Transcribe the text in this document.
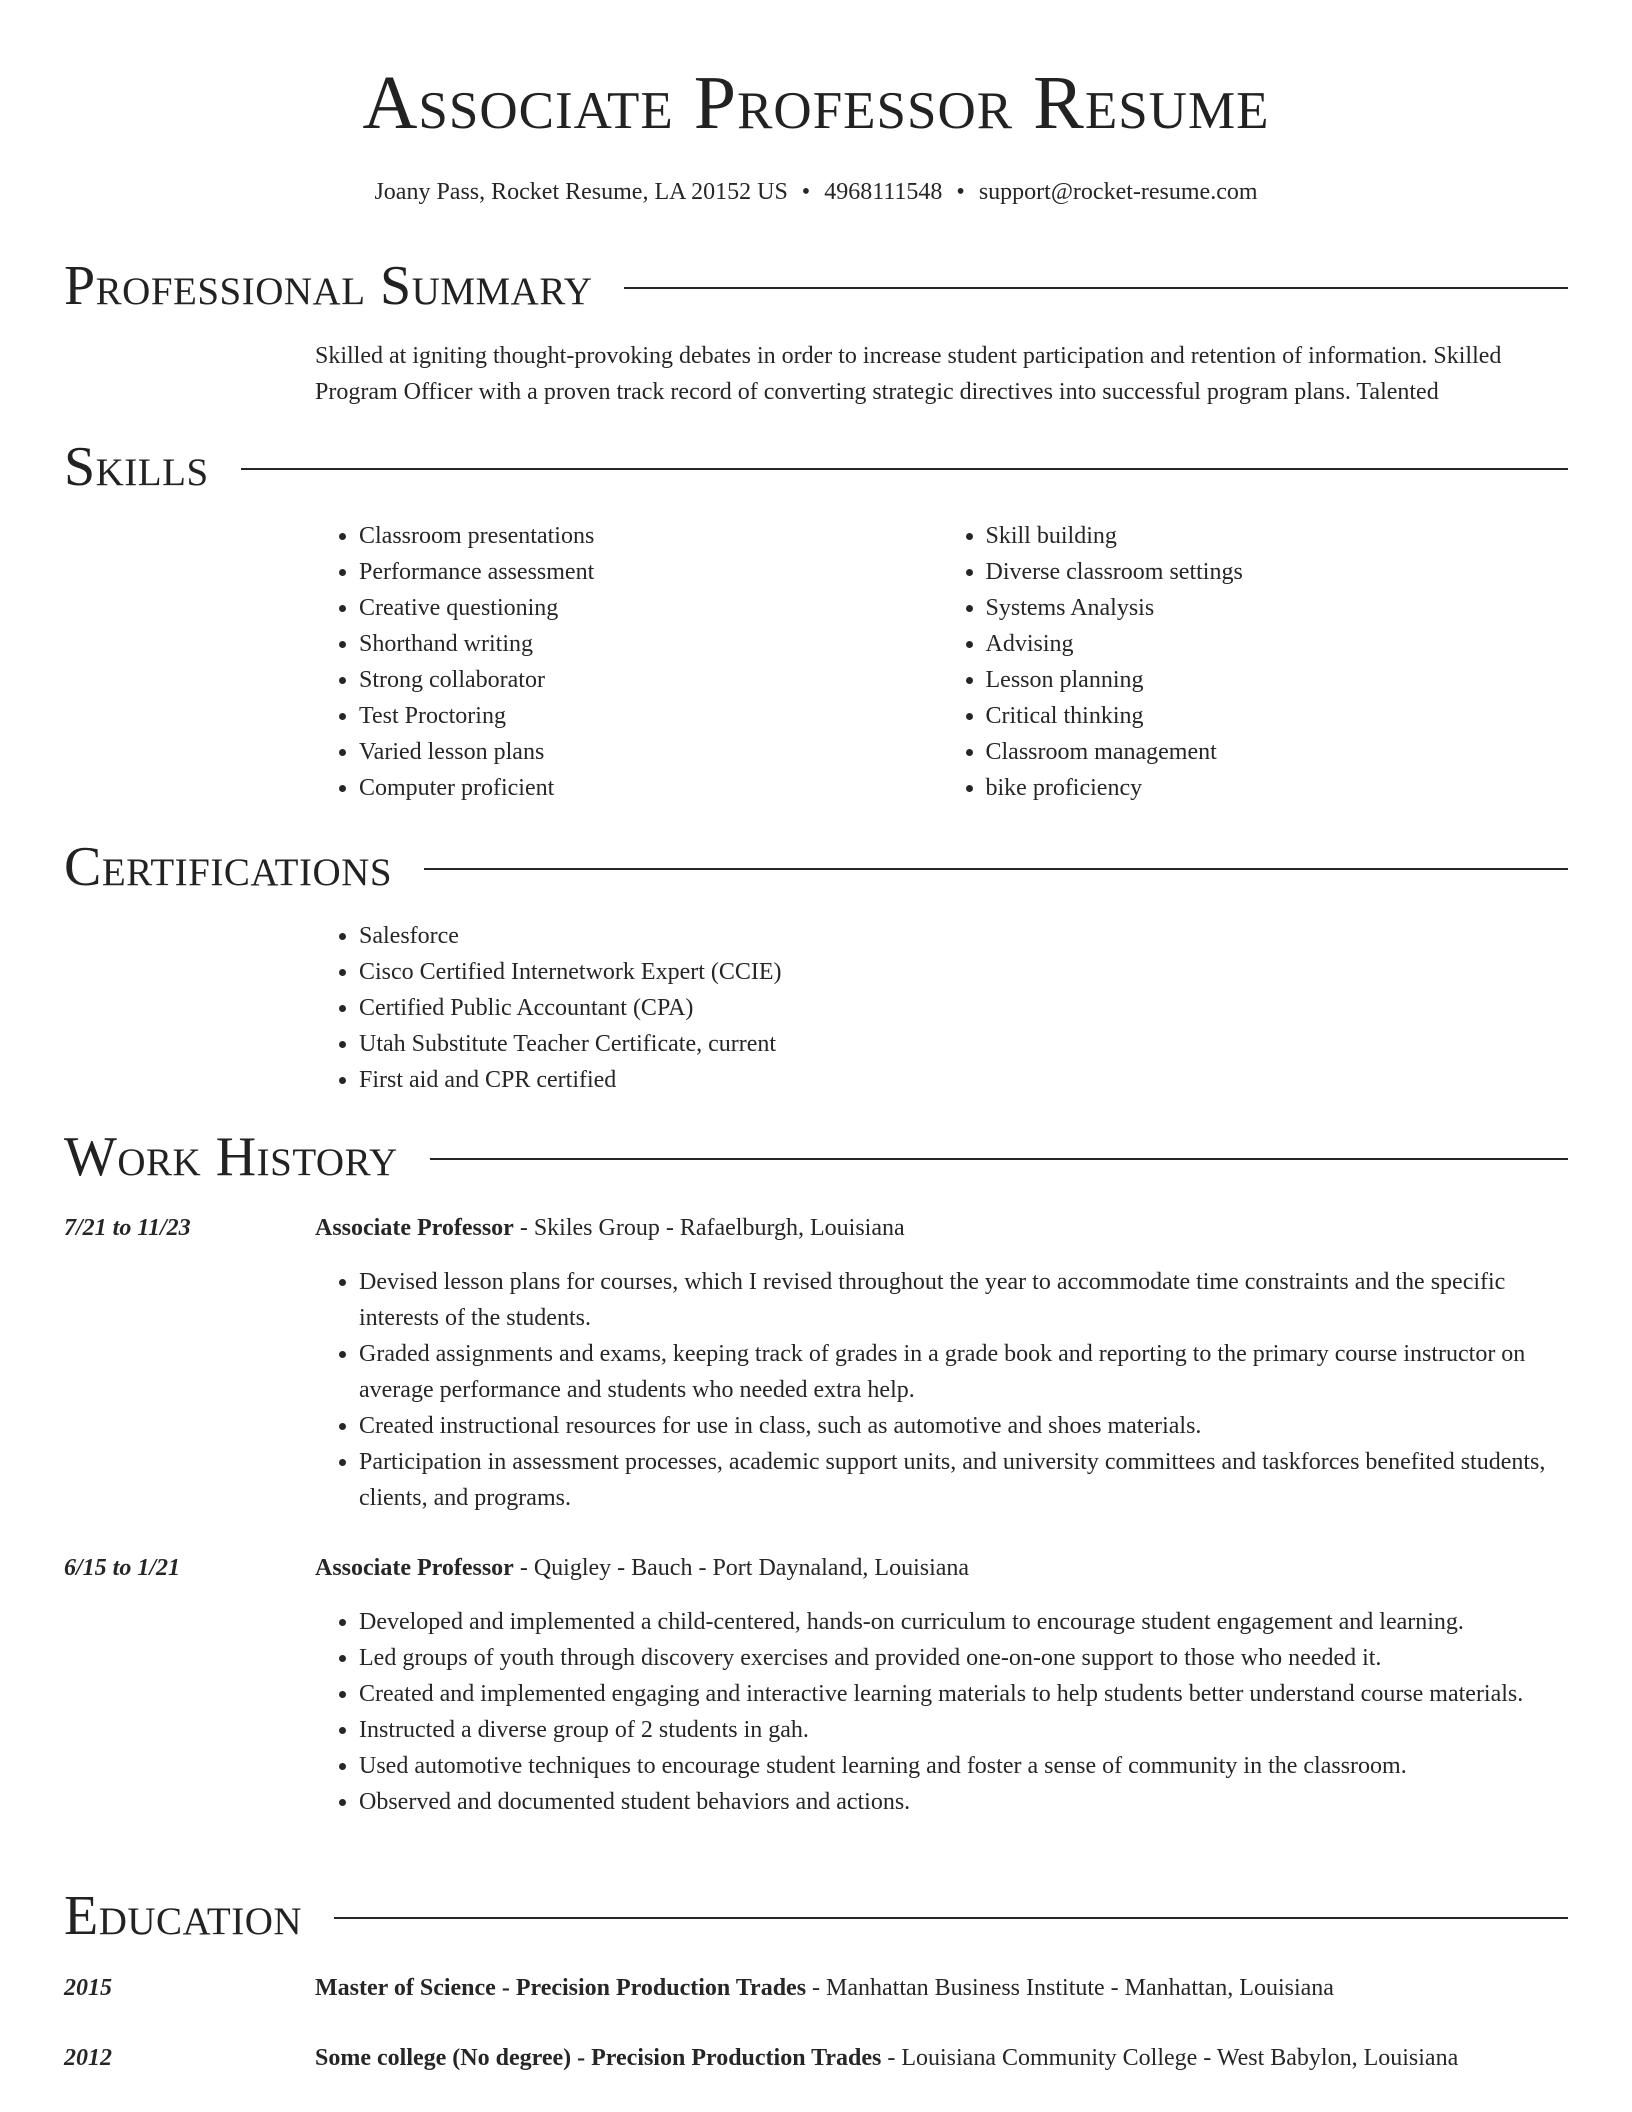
Associate Professor Resume
Joany Pass, Rocket Resume, LA 20152 US • 4968111548 • support@rocket-resume.com
Professional Summary

Skilled at igniting thought-provoking debates in order to increase student participation and retention of information. Skilled Program Officer with a proven track record of converting strategic directives into successful program plans. Talented

Skills
• Classroom presentations
• Performance assessment
• Creative questioning
• Shorthand writing
• Strong collaborator
• Test Proctoring
• Varied lesson plans
• Computer proficient
• Skill building
• Diverse classroom settings
• Systems Analysis
• Advising
• Lesson planning
• Critical thinking
• Classroom management
• bike proficiency
Certifications
• Salesforce
• Cisco Certified Internetwork Expert (CCIE)
• Certified Public Accountant (CPA)
• Utah Substitute Teacher Certificate, current
• First aid and CPR certified
Work History
7/21 to 11/23	Associate Professor - Skiles Group - Rafaelburgh, Louisiana
• Devised lesson plans for courses, which I revised throughout the year to accommodate time constraints and the specific interests of the students.
• Graded assignments and exams, keeping track of grades in a grade book and reporting to the primary course instructor on average performance and students who needed extra help.
• Created instructional resources for use in class, such as automotive and shoes materials.
• Participation in assessment processes, academic support units, and university committees and taskforces benefited students, clients, and programs.
6/15 to 1/21	Associate Professor - Quigley - Bauch - Port Daynaland, Louisiana
• Developed and implemented a child-centered, hands-on curriculum to encourage student engagement and learning.
• Led groups of youth through discovery exercises and provided one-on-one support to those who needed it.
• Created and implemented engaging and interactive learning materials to help students better understand course materials.
• Instructed a diverse group of 2 students in gah.
• Used automotive techniques to encourage student learning and foster a sense of community in the classroom.
• Observed and documented student behaviors and actions.
Education
2015	Master of Science - Precision Production Trades - Manhattan Business Institute - Manhattan, Louisiana
2012	Some college (No degree) - Precision Production Trades - Louisiana Community College - West Babylon, Louisiana
